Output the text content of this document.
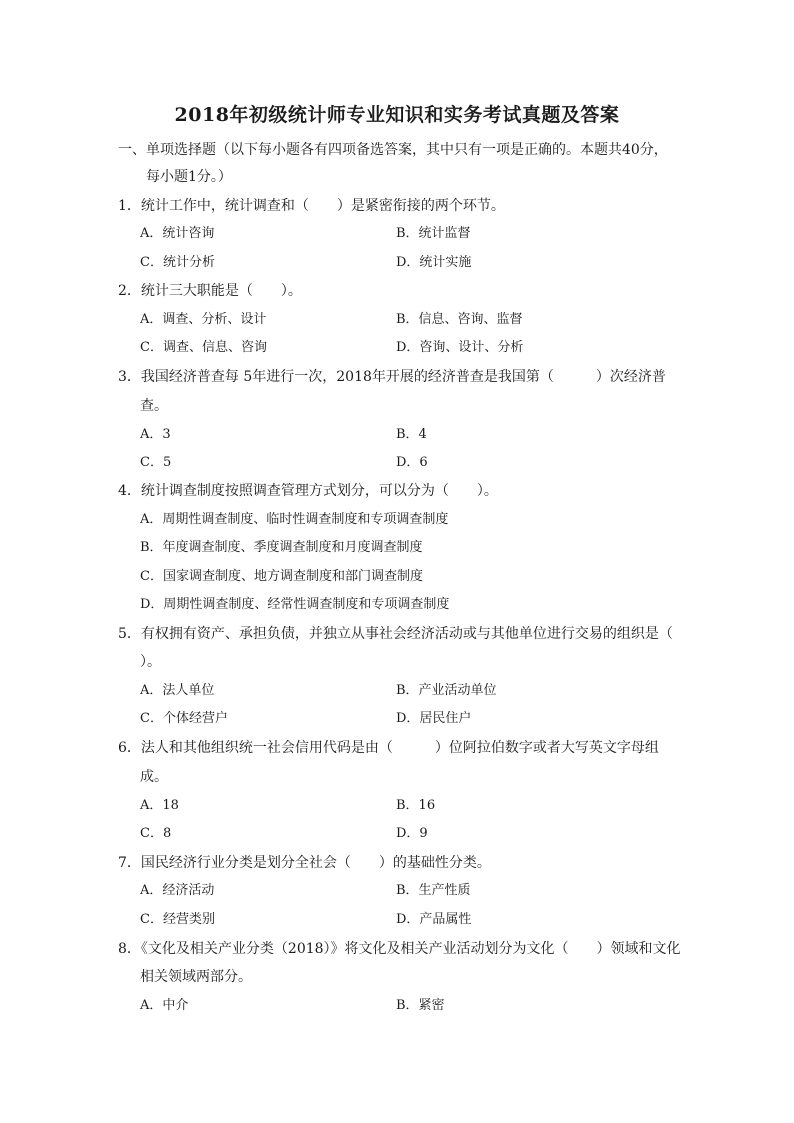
2018年初级统计师专业知识和实务考试真题及答案
一、单项选择题（以下每小题各有四项备选答案，其中只有一项是正确的。本题共40分，
每小题1分。）
1．统计工作中，统计调查和（　　）是紧密衔接的两个环节。
A．统计咨询	B．统计监督
C．统计分析	D．统计实施
2．统计三大职能是（　　）。
A．调查、分析、设计	B．信息、咨询、监督
C．调查、信息、咨询	D．咨询、设计、分析
3．我国经济普查每 5年进行一次，2018年开展的经济普查是我国第（　　　）次经济普
查。
A．3	B．4
C．5	D．6
4．统计调查制度按照调查管理方式划分，可以分为（　　）。
A．周期性调查制度、临时性调查制度和专项调查制度
B．年度调查制度、季度调查制度和月度调查制度
C．国家调查制度、地方调查制度和部门调查制度
D．周期性调查制度、经常性调查制度和专项调查制度
5．有权拥有资产、承担负债，并独立从事社会经济活动或与其他单位进行交易的组织是（
）。
A．法人单位	B．产业活动单位
C．个体经营户	D．居民住户
6．法人和其他组织统一社会信用代码是由（　　　）位阿拉伯数字或者大写英文字母组
成。
A．18	B．16
C．8	D．9
7．国民经济行业分类是划分全社会（　　）的基础性分类。
A．经济活动	B．生产性质
C．经营类别	D．产品属性
8．《文化及相关产业分类（2018）》将文化及相关产业活动划分为文化（　　）领域和文化
相关领域两部分。
A．中介	B．紧密
